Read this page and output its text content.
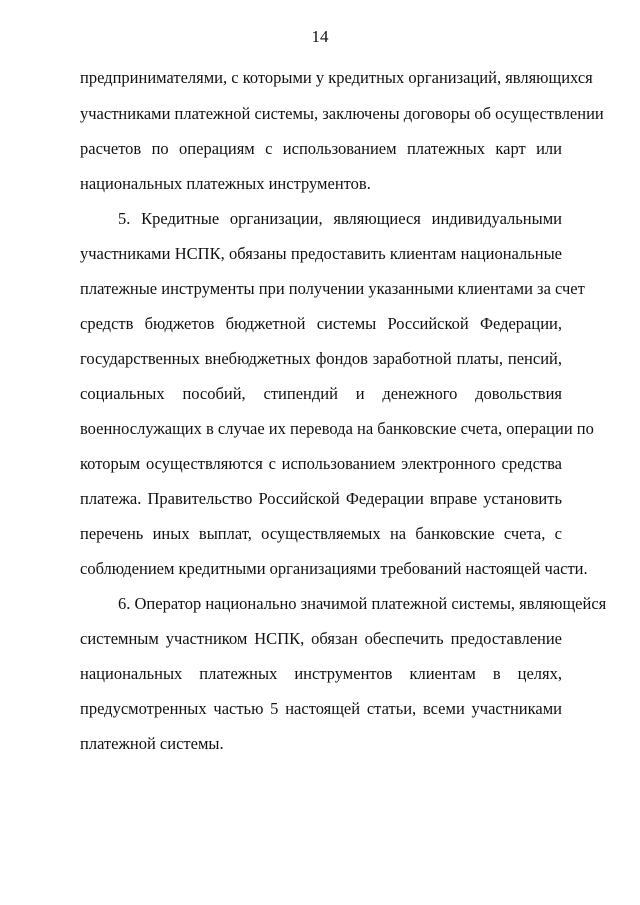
14
предпринимателями, с которыми у кредитных организаций, являющихся
участниками платежной системы, заключены договоры об осуществлении
расчетов по операциям с использованием платежных карт или
национальных платежных инструментов.
5. Кредитные организации, являющиеся индивидуальными
участниками НСПК, обязаны предоставить клиентам национальные
платежные инструменты при получении указанными клиентами за счет
средств бюджетов бюджетной системы Российской Федерации,
государственных внебюджетных фондов заработной платы, пенсий,
социальных пособий, стипендий и денежного довольствия
военнослужащих в случае их перевода на банковские счета, операции по
которым осуществляются с использованием электронного средства
платежа. Правительство Российской Федерации вправе установить
перечень иных выплат, осуществляемых на банковские счета, с
соблюдением кредитными организациями требований настоящей части.
6. Оператор национально значимой платежной системы, являющейся
системным участником НСПК, обязан обеспечить предоставление
национальных платежных инструментов клиентам в целях,
предусмотренных частью 5 настоящей статьи, всеми участниками
платежной системы.
